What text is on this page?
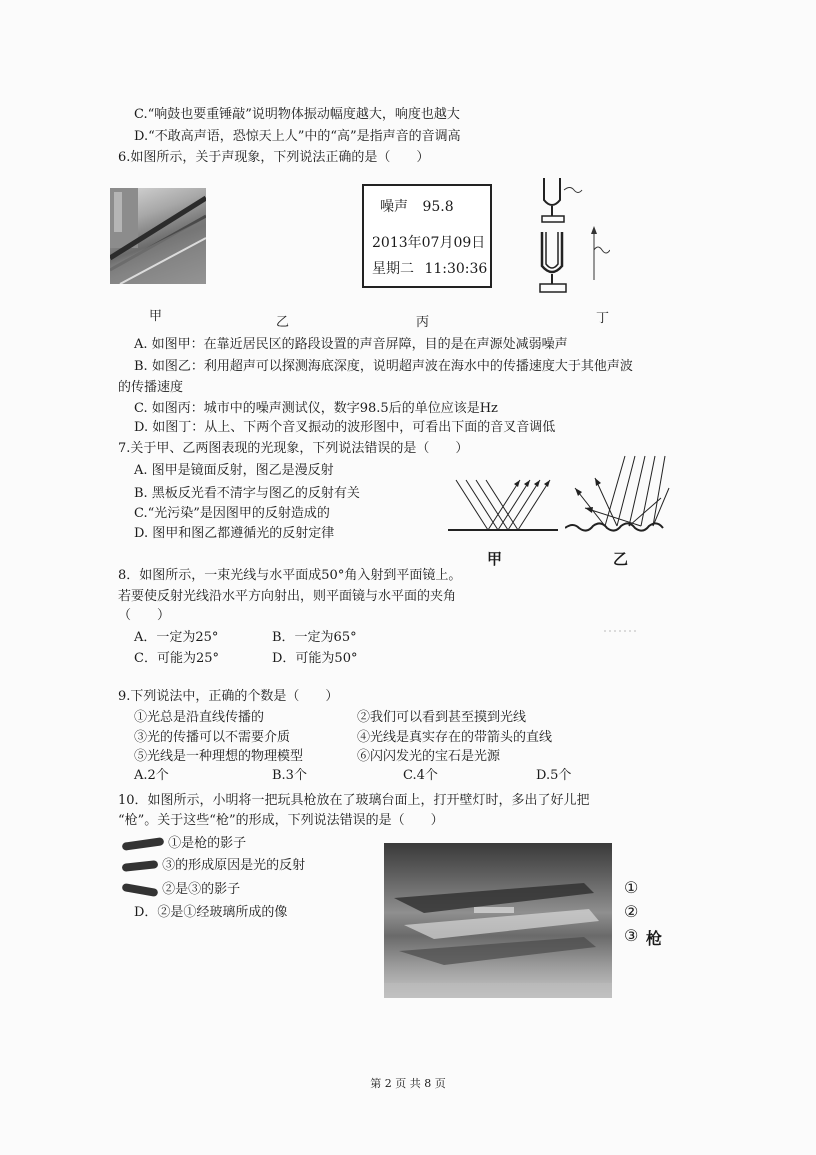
C.“响鼓也要重锤敲”说明物体振动幅度越大，响度也越大
D.“不敢高声语，恐惊天上人”中的“高”是指声音的音调高
6.如图所示，关于声现象，下列说法正确的是（　　）
噪声 95.8
2013年07月09日
星期二 11:30:36
甲	乙	丙	丁
A. 如图甲：在靠近居民区的路段设置的声音屏障，目的是在声源处减弱噪声
B. 如图乙：利用超声可以探测海底深度，说明超声波在海水中的传播速度大于其他声波
的传播速度
C. 如图丙：城市中的噪声测试仪，数字98.5后的单位应该是Hz
D. 如图丁：从上、下两个音叉振动的波形图中，可看出下面的音叉音调低
7.关于甲、乙两图表现的光现象，下列说法错误的是（　　）
A. 图甲是镜面反射，图乙是漫反射
B. 黑板反光看不清字与图乙的反射有关
C.“光污染”是因图甲的反射造成的
D. 图甲和图乙都遵循光的反射定律
甲	乙
8．如图所示，一束光线与水平面成50°角入射到平面镜上。
若要使反射光线沿水平方向射出，则平面镜与水平面的夹角
（　　）
A．一定为25°	B．一定为65°
C．可能为25°	D．可能为50°
9.下列说法中，正确的个数是（　　）
①光总是沿直线传播的	②我们可以看到甚至摸到光线
③光的传播可以不需要介质	④光线是真实存在的带箭头的直线
⑤光线是一种理想的物理模型	⑥闪闪发光的宝石是光源
A.2个	B.3个	C.4个	D.5个
10．如图所示，小明将一把玩具枪放在了玻璃台面上，打开壁灯时，多出了好儿把
“枪”。关于这些“枪”的形成，下列说法错误的是（　　）
①是枪的影子
③的形成原因是光的反射
②是③的影子
D．②是①经玻璃所成的像
①
②
③ 枪
第 2 页 共 8 页
